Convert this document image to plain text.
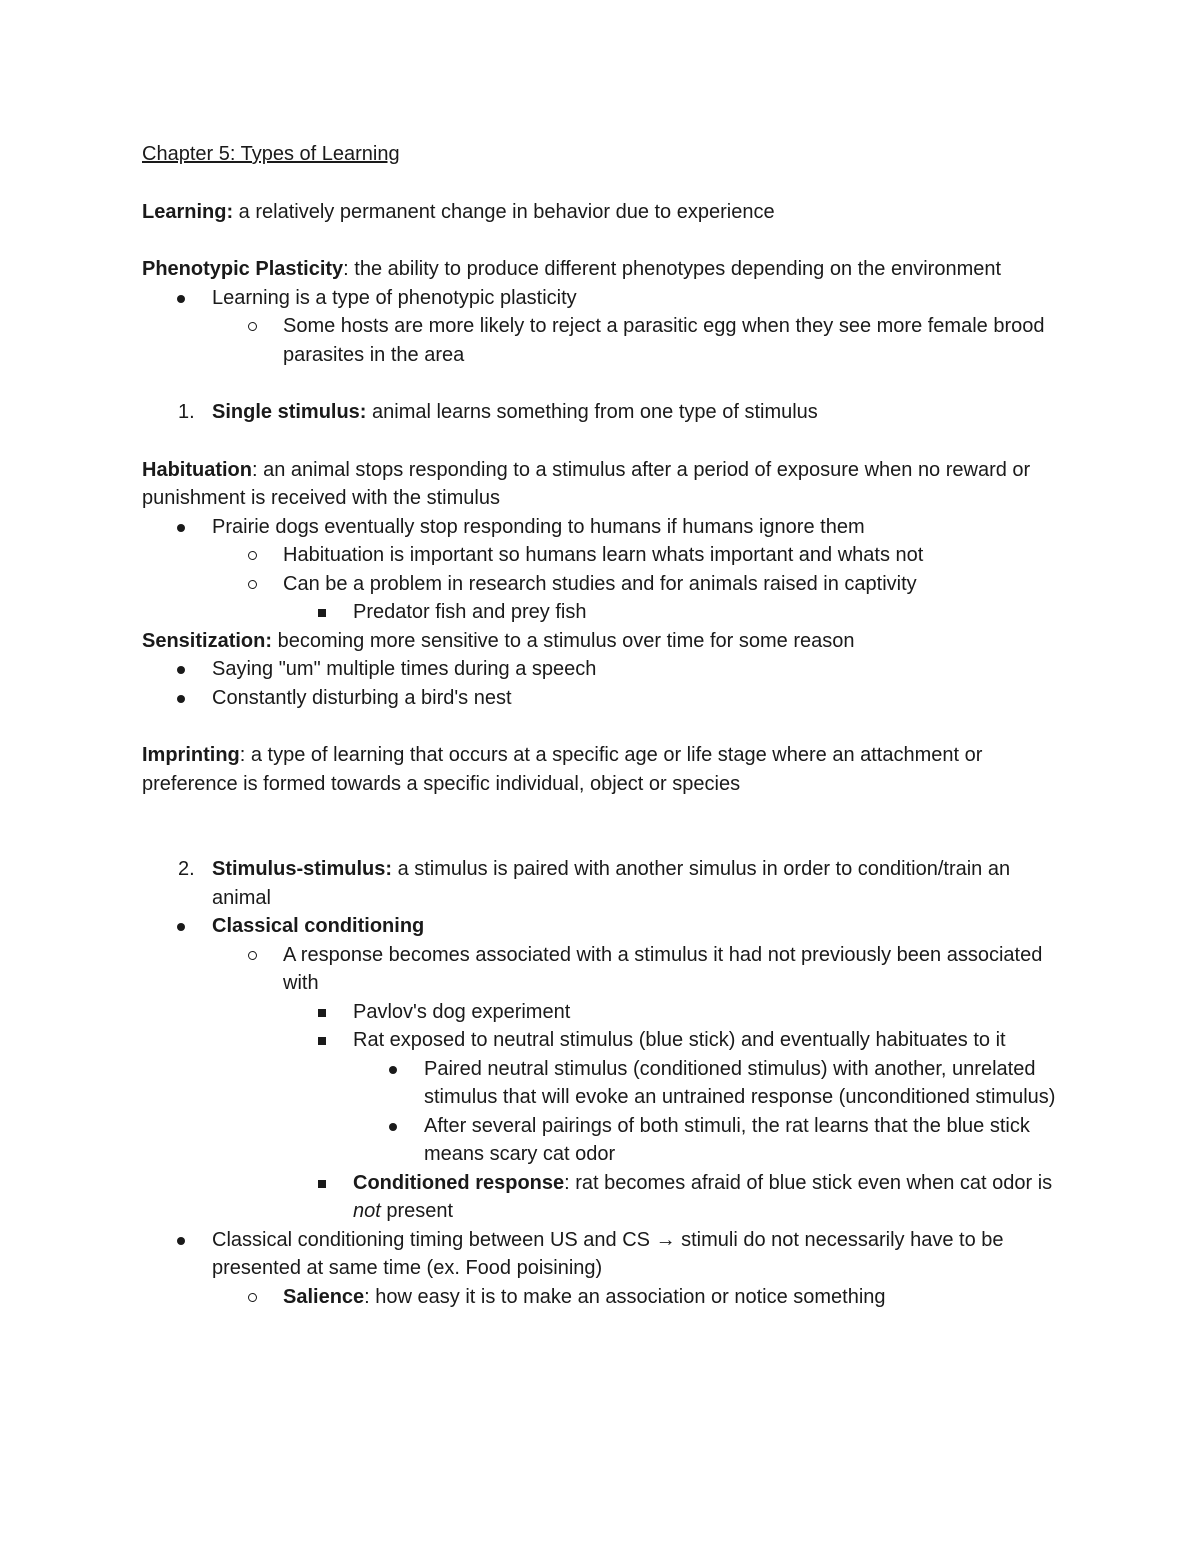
Chapter 5: Types of Learning
Learning: a relatively permanent change in behavior due to experience
Phenotypic Plasticity: the ability to produce different phenotypes depending on the environment
Learning is a type of phenotypic plasticity
Some hosts are more likely to reject a parasitic egg when they see more female brood parasites in the area
1. Single stimulus: animal learns something from one type of stimulus
Habituation: an animal stops responding to a stimulus after a period of exposure when no reward or punishment is received with the stimulus
Prairie dogs eventually stop responding to humans if humans ignore them
Habituation is important so humans learn whats important and whats not
Can be a problem in research studies and for animals raised in captivity
Predator fish and prey fish
Sensitization: becoming more sensitive to a stimulus over time for some reason
Saying "um" multiple times during a speech
Constantly disturbing a bird's nest
Imprinting: a type of learning that occurs at a specific age or life stage where an attachment or preference is formed towards a specific individual, object or species
2. Stimulus-stimulus: a stimulus is paired with another simulus in order to condition/train an animal
Classical conditioning
A response becomes associated with a stimulus it had not previously been associated with
Pavlov's dog experiment
Rat exposed to neutral stimulus (blue stick) and eventually habituates to it
Paired neutral stimulus (conditioned stimulus) with another, unrelated stimulus that will evoke an untrained response (unconditioned stimulus)
After several pairings of both stimuli, the rat learns that the blue stick means scary cat odor
Conditioned response: rat becomes afraid of blue stick even when cat odor is not present
Classical conditioning timing between US and CS → stimuli do not necessarily have to be presented at same time (ex. Food poisining)
Salience: how easy it is to make an association or notice something
